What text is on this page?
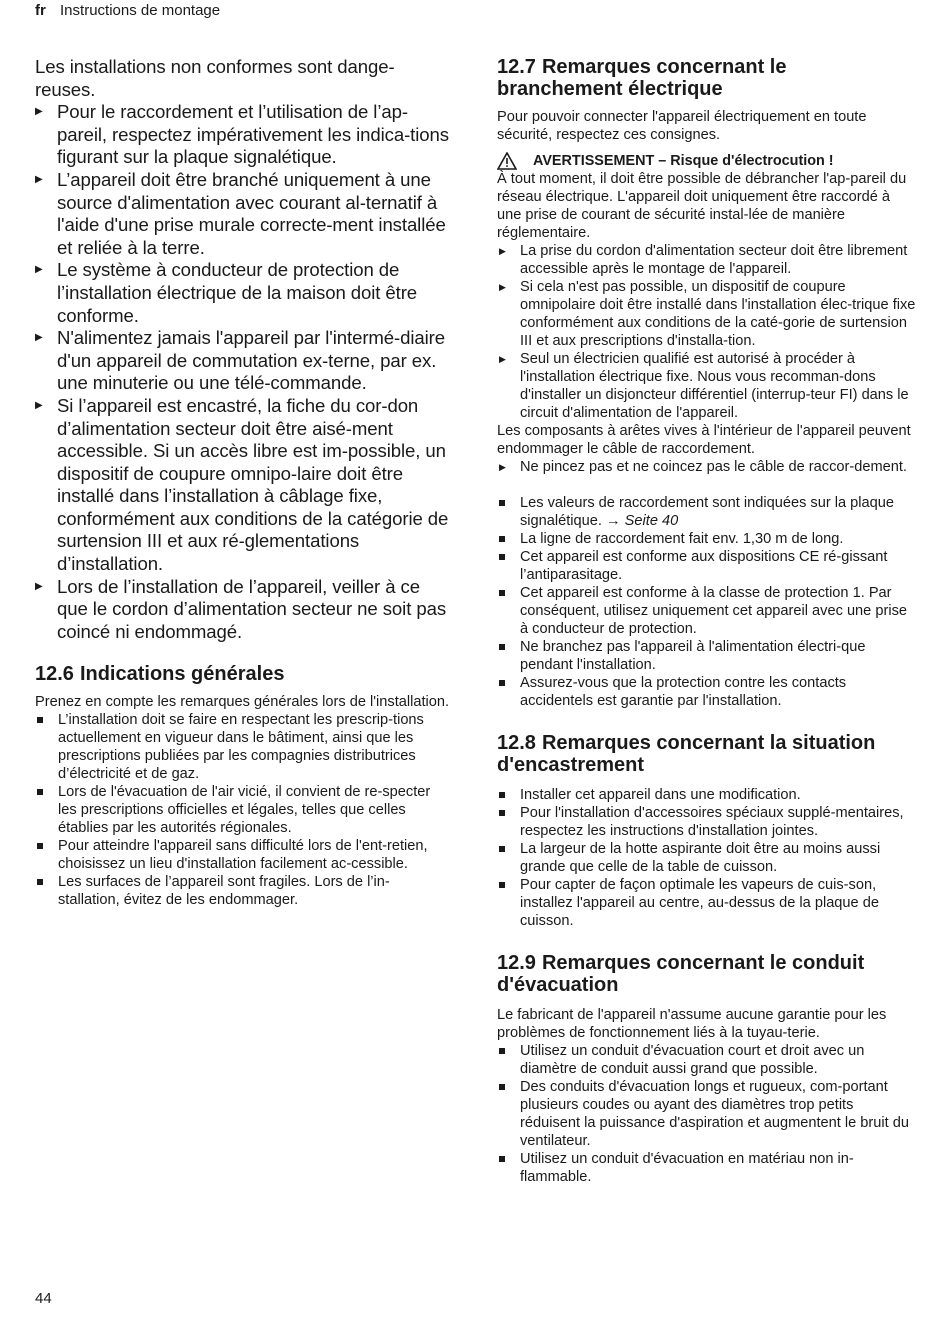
fr Instructions de montage

Les installations non conformes sont dange-reuses.

▶ Pour le raccordement et l’utilisation de l’ap-pareil, respectez impérativement les indica-tions figurant sur la plaque signalétique.
▶ L’appareil doit être branché uniquement à une source d'alimentation avec courant al-ternatif à l'aide d'une prise murale correcte-ment installée et reliée à la terre.
▶ Le système à conducteur de protection de l’installation électrique de la maison doit être conforme.
▶ N'alimentez jamais l'appareil par l'intermé-diaire d'un appareil de commutation ex-terne, par ex. une minuterie ou une télé-commande.
▶ Si l’appareil est encastré, la fiche du cor-don d’alimentation secteur doit être aisé-ment accessible. Si un accès libre est im-possible, un dispositif de coupure omnipo-laire doit être installé dans l’installation à câblage fixe, conformément aux conditions de la catégorie de surtension III et aux ré-glementations d’installation.
▶ Lors de l’installation de l’appareil, veiller à ce que le cordon d’alimentation secteur ne soit pas coincé ni endommagé.
12.6 Indications générales

Prenez en compte les remarques générales lors de l'installation.

L’installation doit se faire en respectant les prescrip-tions actuellement en vigueur dans le bâtiment, ainsi que les prescriptions publiées par les compagnies distributrices d’électricité et de gaz.
Lors de l'évacuation de l'air vicié, il convient de re-specter les prescriptions officielles et légales, telles que celles établies par les autorités régionales.
Pour atteindre l'appareil sans difficulté lors de l'ent-retien, choisissez un lieu d'installation facilement ac-cessible.
Les surfaces de l’appareil sont fragiles. Lors de l’in-stallation, évitez de les endommager.
12.7 Remarques concernant le branchement électrique

Pour pouvoir connecter l'appareil électriquement en toute sécurité, respectez ces consignes.

AVERTISSEMENT – Risque d'électrocution !

À tout moment, il doit être possible de débrancher l'ap-pareil du réseau électrique. L'appareil doit uniquement être raccordé à une prise de courant de sécurité instal-lée de manière réglementaire.

▶ La prise du cordon d'alimentation secteur doit être librement accessible après le montage de l'appareil.
▶ Si cela n'est pas possible, un dispositif de coupure omnipolaire doit être installé dans l'installation élec-trique fixe conformément aux conditions de la caté-gorie de surtension III et aux prescriptions d'installa-tion.
▶ Seul un électricien qualifié est autorisé à procéder à l'installation électrique fixe. Nous vous recomman-dons d'installer un disjoncteur différentiel (interrup-teur FI) dans le circuit d'alimentation de l'appareil.

Les composants à arêtes vives à l'intérieur de l'appareil peuvent endommager le câble de raccordement.

▶ Ne pincez pas et ne coincez pas le câble de raccor-dement.
Les valeurs de raccordement sont indiquées sur la plaque signalétique. → Seite 40
La ligne de raccordement fait env. 1,30 m de long.
Cet appareil est conforme aux dispositions CE ré-gissant l’antiparasitage.
Cet appareil est conforme à la classe de protection 1. Par conséquent, utilisez uniquement cet appareil avec une prise à conducteur de protection.
Ne branchez pas l'appareil à l'alimentation électri-que pendant l'installation.
Assurez-vous que la protection contre les contacts accidentels est garantie par l'installation.
12.8 Remarques concernant la situation d'encastrement
Installer cet appareil dans une modification.
Pour l'installation d'accessoires spéciaux supplé-mentaires, respectez les instructions d'installation jointes.
La largeur de la hotte aspirante doit être au moins aussi grande que celle de la table de cuisson.
Pour capter de façon optimale les vapeurs de cuis-son, installez l'appareil au centre, au-dessus de la plaque de cuisson.
12.9 Remarques concernant le conduit d'évacuation

Le fabricant de l'appareil n'assume aucune garantie pour les problèmes de fonctionnement liés à la tuyau-terie.

Utilisez un conduit d'évacuation court et droit avec un diamètre de conduit aussi grand que possible.
Des conduits d'évacuation longs et rugueux, com-portant plusieurs coudes ou ayant des diamètres trop petits réduisent la puissance d'aspiration et augmentent le bruit du ventilateur.
Utilisez un conduit d'évacuation en matériau non in-flammable.
44
